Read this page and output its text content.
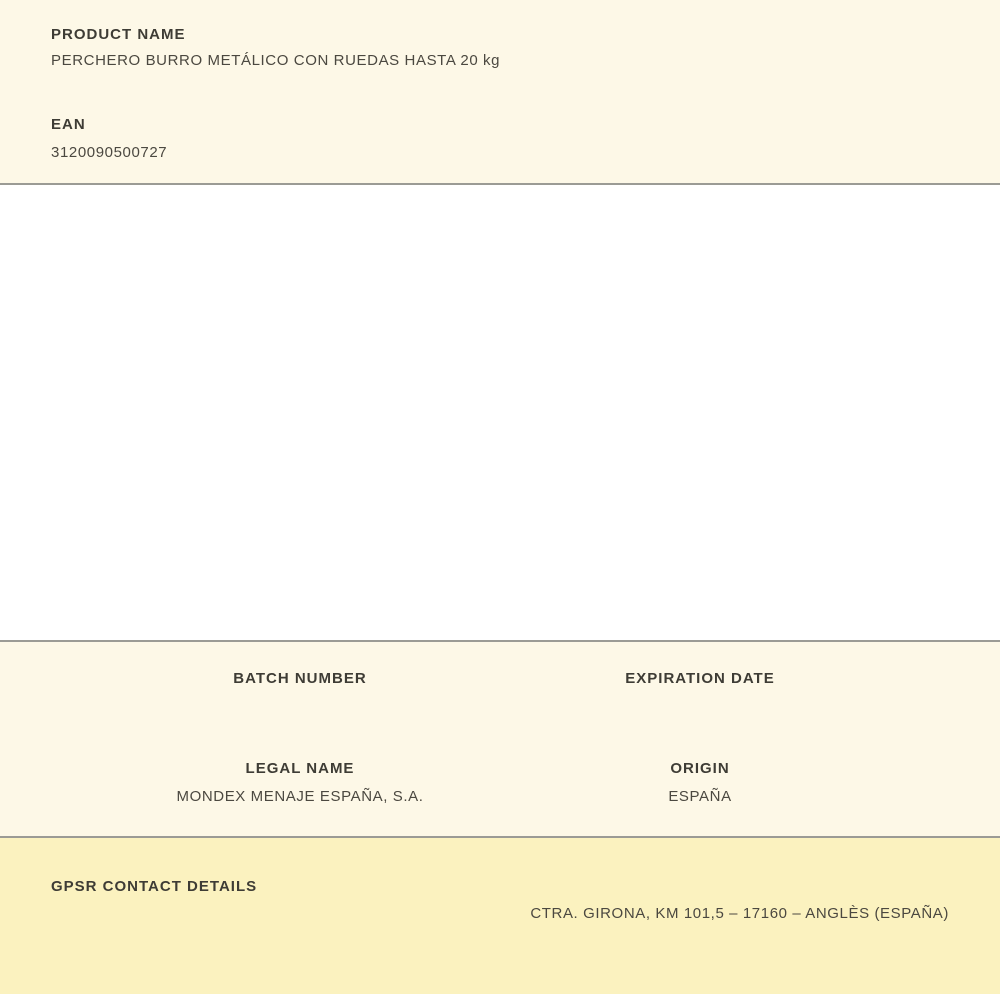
PRODUCT NAME
PERCHERO BURRO METÁLICO CON RUEDAS HASTA 20 kg
EAN
3120090500727
BATCH NUMBER	EXPIRATION DATE
LEGAL NAME
MONDEX MENAJE ESPAÑA, S.A.
ORIGIN
ESPAÑA
GPSR CONTACT DETAILS
CTRA. GIRONA, KM 101,5 – 17160 – ANGLÈS (ESPAÑA)
